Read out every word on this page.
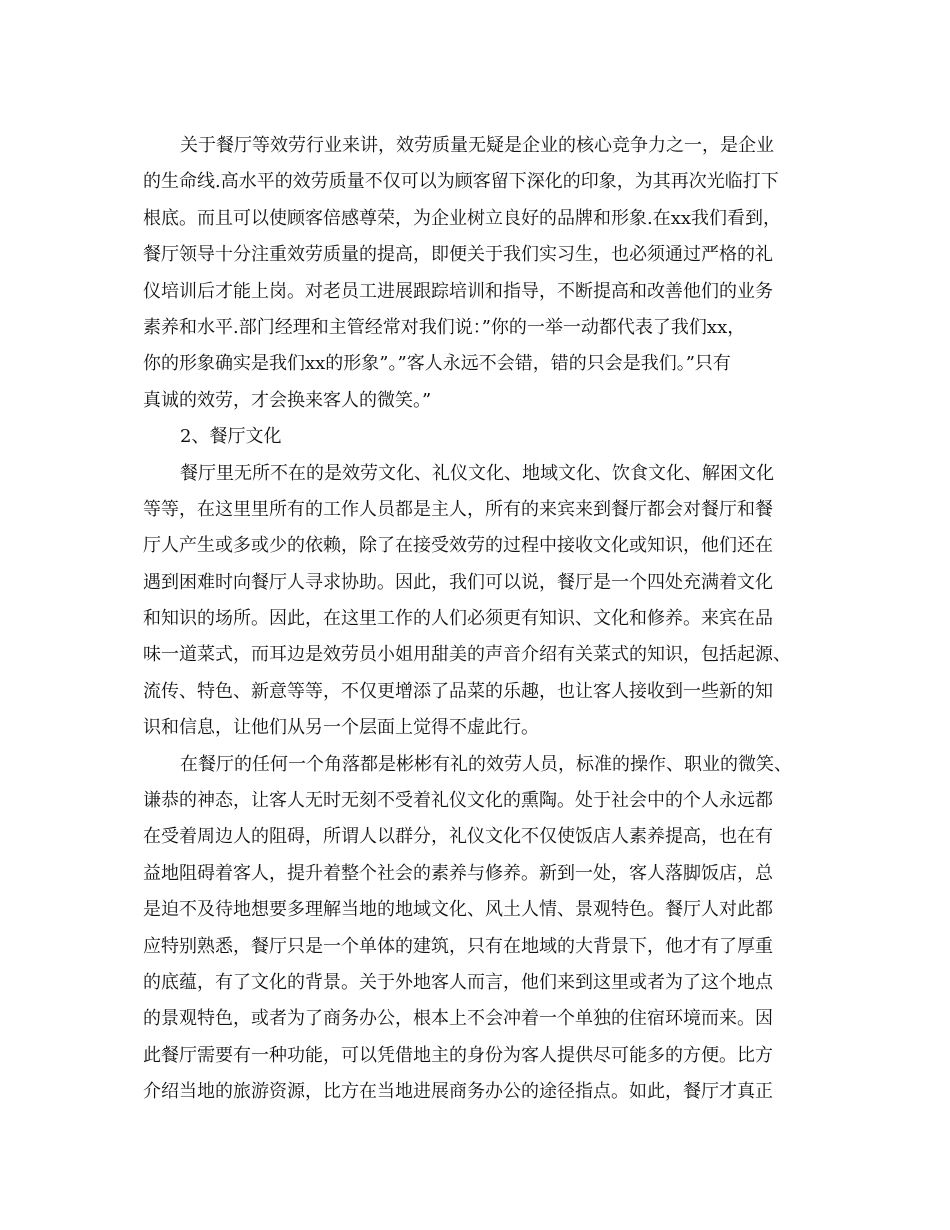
关于餐厅等效劳行业来讲，效劳质量无疑是企业的核心竞争力之一，是企业
的生命线.高水平的效劳质量不仅可以为顾客留下深化的印象，为其再次光临打下
根底。而且可以使顾客倍感尊荣，为企业树立良好的品牌和形象.在xx我们看到，
餐厅领导十分注重效劳质量的提高，即便关于我们实习生，也必须通过严格的礼
仪培训后才能上岗。对老员工进展跟踪培训和指导，不断提高和改善他们的业务
素养和水平.部门经理和主管经常对我们说：”你的一举一动都代表了我们xx，
你的形象确实是我们xx的形象”。”客人永远不会错，错的只会是我们。”只有
真诚的效劳，才会换来客人的微笑。”
2、餐厅文化
餐厅里无所不在的是效劳文化、礼仪文化、地域文化、饮食文化、解困文化
等等，在这里里所有的工作人员都是主人，所有的来宾来到餐厅都会对餐厅和餐
厅人产生或多或少的依赖，除了在接受效劳的过程中接收文化或知识，他们还在
遇到困难时向餐厅人寻求协助。因此，我们可以说，餐厅是一个四处充满着文化
和知识的场所。因此，在这里工作的人们必须更有知识、文化和修养。来宾在品
味一道菜式，而耳边是效劳员小姐用甜美的声音介绍有关菜式的知识，包括起源、
流传、特色、新意等等，不仅更增添了品菜的乐趣，也让客人接收到一些新的知
识和信息，让他们从另一个层面上觉得不虚此行。
在餐厅的任何一个角落都是彬彬有礼的效劳人员，标准的操作、职业的微笑、
谦恭的神态，让客人无时无刻不受着礼仪文化的熏陶。处于社会中的个人永远都
在受着周边人的阻碍，所谓人以群分，礼仪文化不仅使饭店人素养提高，也在有
益地阻碍着客人，提升着整个社会的素养与修养。新到一处，客人落脚饭店，总
是迫不及待地想要多理解当地的地域文化、风土人情、景观特色。餐厅人对此都
应特别熟悉，餐厅只是一个单体的建筑，只有在地域的大背景下，他才有了厚重
的底蕴，有了文化的背景。关于外地客人而言，他们来到这里或者为了这个地点
的景观特色，或者为了商务办公，根本上不会冲着一个单独的住宿环境而来。因
此餐厅需要有一种功能，可以凭借地主的身份为客人提供尽可能多的方便。比方
介绍当地的旅游资源，比方在当地进展商务办公的途径指点。如此，餐厅才真正
